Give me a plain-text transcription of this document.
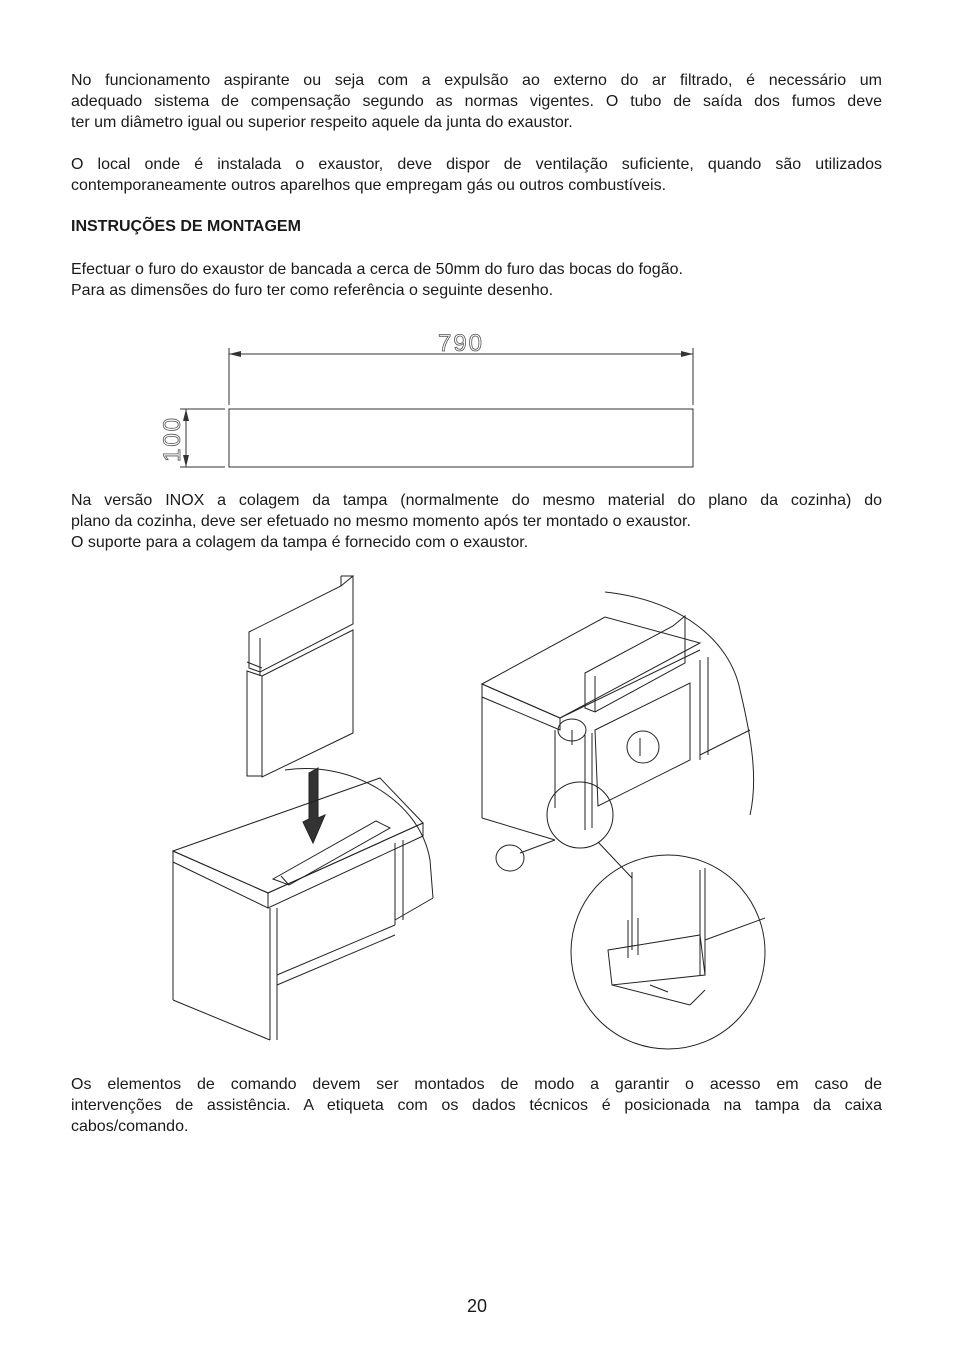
No funcionamento aspirante ou seja com a expulsão ao externo do ar filtrado, é necessário um
adequado sistema de compensação segundo as normas vigentes. O tubo de saída dos fumos deve
ter um diâmetro igual ou superior respeito aquele da junta do exaustor.
O local onde é instalada o exaustor, deve dispor de ventilação suficiente, quando são utilizados
contemporaneamente outros aparelhos que empregam gás ou outros combustíveis.
INSTRUÇÕES DE MONTAGEM
Efectuar o furo do exaustor de bancada a cerca de 50mm do furo das bocas do fogão.
Para as dimensões do furo ter como referência o seguinte desenho.
790
100
Na versão INOX a colagem da tampa (normalmente do mesmo material do plano da cozinha) do
plano da cozinha, deve ser efetuado no mesmo momento após ter montado o exaustor.
O suporte para a colagem da tampa é fornecido com o exaustor.
Os elementos de comando devem ser montados de modo a garantir o acesso em caso de
intervenções de assistência. A etiqueta com os dados técnicos é posicionada na tampa da caixa
cabos/comando.
20
